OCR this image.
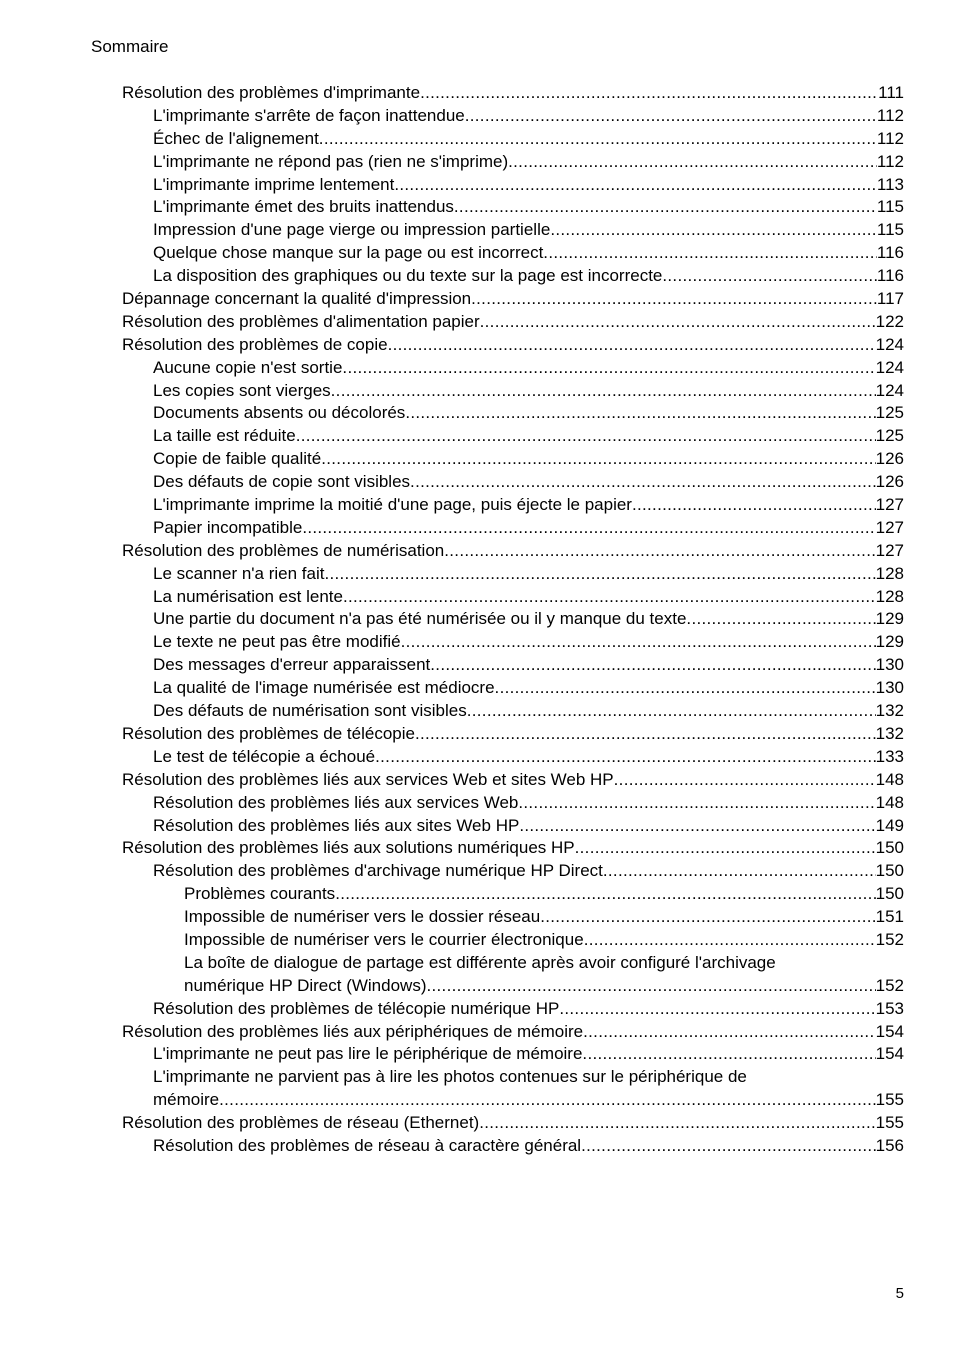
Sommaire
Résolution des problèmes d'imprimante .....	111
L'imprimante s'arrête de façon inattendue .....	112
Échec de l'alignement .....	112
L'imprimante ne répond pas (rien ne s'imprime) .....	112
L'imprimante imprime lentement .....	113
L'imprimante émet des bruits inattendus .....	115
Impression d'une page vierge ou impression partielle .....	115
Quelque chose manque sur la page ou est incorrect .....	116
La disposition des graphiques ou du texte sur la page est incorrecte .....	116
Dépannage concernant la qualité d'impression .....	117
Résolution des problèmes d'alimentation papier .....	122
Résolution des problèmes de copie .....	124
Aucune copie n'est sortie .....	124
Les copies sont vierges .....	124
Documents absents ou décolorés .....	125
La taille est réduite .....	125
Copie de faible qualité .....	126
Des défauts de copie sont visibles .....	126
L'imprimante imprime la moitié d'une page, puis éjecte le papier .....	127
Papier incompatible .....	127
Résolution des problèmes de numérisation .....	127
Le scanner n'a rien fait .....	128
La numérisation est lente .....	128
Une partie du document n'a pas été numérisée ou il y manque du texte .....	129
Le texte ne peut pas être modifié .....	129
Des messages d'erreur apparaissent .....	130
La qualité de l'image numérisée est médiocre .....	130
Des défauts de numérisation sont visibles .....	132
Résolution des problèmes de télécopie .....	132
Le test de télécopie a échoué .....	133
Résolution des problèmes liés aux services Web et sites Web HP .....	148
Résolution des problèmes liés aux services Web .....	148
Résolution des problèmes liés aux sites Web HP .....	149
Résolution des problèmes liés aux solutions numériques HP .....	150
Résolution des problèmes d'archivage numérique HP Direct .....	150
Problèmes courants .....	150
Impossible de numériser vers le dossier réseau .....	151
Impossible de numériser vers le courrier électronique .....	152
La boîte de dialogue de partage est différente après avoir configuré l'archivage
numérique HP Direct (Windows) .....	152
Résolution des problèmes de télécopie numérique HP .....	153
Résolution des problèmes liés aux périphériques de mémoire .....	154
L'imprimante ne peut pas lire le périphérique de mémoire .....	154
L'imprimante ne parvient pas à lire les photos contenues sur le périphérique de
mémoire .....	155
Résolution des problèmes de réseau (Ethernet) .....	155
Résolution des problèmes de réseau à caractère général .....	156
5
